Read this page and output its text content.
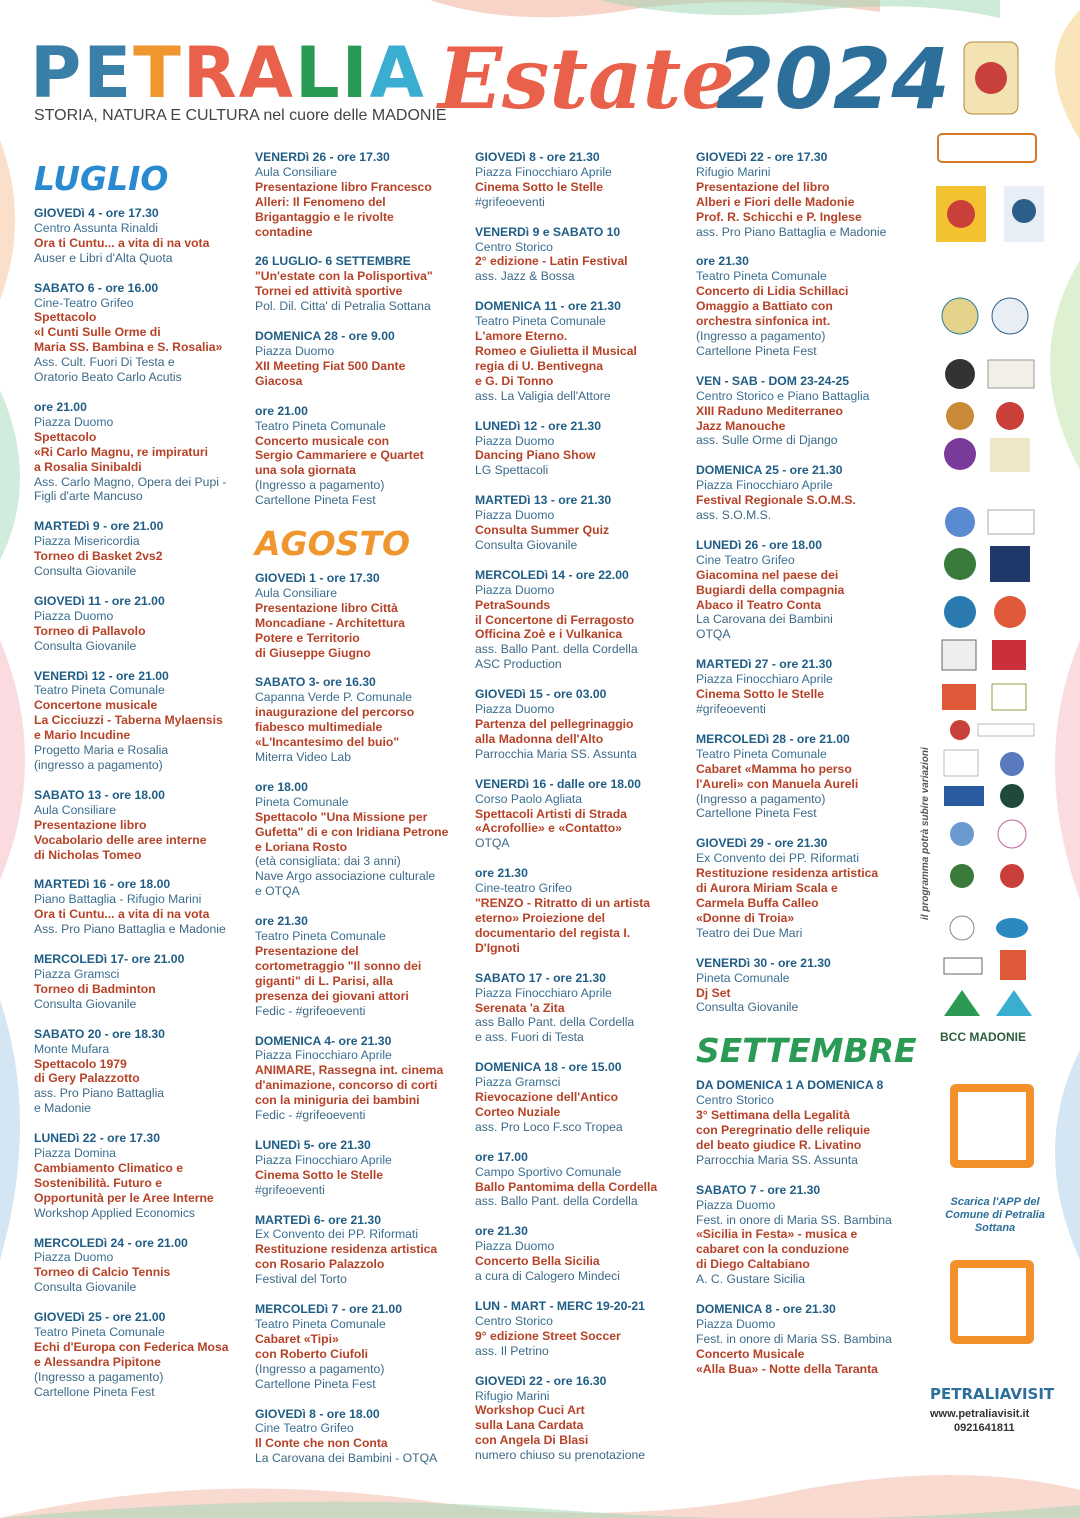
PETRALIA
STORIA, NATURA E CULTURA nel cuore delle MADONIE
Estate
2024
LUGLIO
GIOVEDì 4 - ore 17.30
Centro Assunta Rinaldi
Ora ti Cuntu... a vita di na vota
Auser e Libri d'Alta Quota
SABATO 6 - ore 16.00
Cine-Teatro Grifeo
Spettacolo
«I Cunti Sulle Orme di
Maria SS. Bambina e S. Rosalia»
Ass. Cult. Fuori Di Testa e
Oratorio Beato Carlo Acutis
ore 21.00
Piazza Duomo
Spettacolo
«Ri Carlo Magnu, re impiraturi
a Rosalia Sinibaldi
Ass. Carlo Magno, Opera dei Pupi -
Figli d'arte Mancuso
MARTEDì 9 - ore 21.00
Piazza Misericordia
Torneo di Basket 2vs2
Consulta Giovanile
GIOVEDì 11 - ore 21.00
Piazza Duomo
Torneo di Pallavolo
Consulta Giovanile
VENERDì 12 - ore 21.00
Teatro Pineta Comunale
Concertone musicale
La Cicciuzzi - Taberna Mylaensis
e Mario Incudine
Progetto Maria e Rosalia
(ingresso a pagamento)
SABATO 13 - ore 18.00
Aula Consiliare
Presentazione libro
Vocabolario delle aree interne
di Nicholas Tomeo
MARTEDì 16 - ore 18.00
Piano Battaglia - Rifugio Marini
Ora ti Cuntu... a vita di na vota
Ass. Pro Piano Battaglia e Madonie
MERCOLEDì 17- ore 21.00
Piazza Gramsci
Torneo di Badminton
Consulta Giovanile
SABATO 20 - ore 18.30
Monte Mufara
Spettacolo 1979
di Gery Palazzotto
ass. Pro Piano Battaglia
e Madonie
LUNEDì 22 - ore 17.30
Piazza Domina
Cambiamento Climatico e
Sostenibilità. Futuro e
Opportunità per le Aree Interne
Workshop Applied Economics
MERCOLEDì 24 - ore 21.00
Piazza Duomo
Torneo di Calcio Tennis
Consulta Giovanile
GIOVEDì 25 - ore 21.00
Teatro Pineta Comunale
Echi d'Europa con Federica Mosa
e Alessandra Pipitone
(Ingresso a pagamento)
Cartellone Pineta Fest
VENERDì 26 - ore 17.30
Aula Consiliare
Presentazione libro Francesco
Alleri: Il Fenomeno del
Brigantaggio e le rivolte
contadine
26 LUGLIO- 6 SETTEMBRE
"Un'estate con la Polisportiva"
Tornei ed attività sportive
Pol. Dil. Citta' di Petralia Sottana
DOMENICA 28 - ore 9.00
Piazza Duomo
XII Meeting Fiat 500 Dante
Giacosa
ore 21.00
Teatro Pineta Comunale
Concerto musicale con
Sergio Cammariere e Quartet
una sola giornata
(Ingresso a pagamento)
Cartellone Pineta Fest
AGOSTO
GIOVEDì 1 - ore 17.30
Aula Consiliare
Presentazione libro Città
Moncadiane - Architettura
Potere e Territorio
di Giuseppe Giugno
SABATO 3- ore 16.30
Capanna Verde P. Comunale
inaugurazione del percorso
fiabesco multimediale
«L'Incantesimo del buio"
Miterra Video Lab
ore 18.00
Pineta Comunale
Spettacolo "Una Missione per
Gufetta" di e con Iridiana Petrone
e Loriana Rosto
(età consigliata: dai 3 anni)
Nave Argo associazione culturale
e OTQA
ore 21.30
Teatro Pineta Comunale
Presentazione del
cortometraggio "Il sonno dei
giganti" di L. Parisi, alla
presenza dei giovani attori
Fedic - #grifeoeventi
DOMENICA 4- ore 21.30
Piazza Finocchiaro Aprile
ANIMARE, Rassegna int. cinema
d'animazione, concorso di corti
con la miniguria dei bambini
Fedic - #grifeoeventi
LUNEDì 5- ore 21.30
Piazza Finocchiaro Aprile
Cinema Sotto le Stelle
#grifeoeventi
MARTEDì 6- ore 21.30
Ex Convento dei PP. Riformati
Restituzione residenza artistica
con Rosario Palazzolo
Festival del Torto
MERCOLEDì 7 - ore 21.00
Teatro Pineta Comunale
Cabaret «Tipi»
con Roberto Ciufoli
(Ingresso a pagamento)
Cartellone Pineta Fest
GIOVEDì 8 - ore 18.00
Cine Teatro Grifeo
Il Conte che non Conta
La Carovana dei Bambini - OTQA
GIOVEDì 8 - ore 21.30
Piazza Finocchiaro Aprile
Cinema Sotto le Stelle
#grifeoeventi
VENERDì 9 e SABATO 10
Centro Storico
2° edizione - Latin Festival
ass. Jazz & Bossa
DOMENICA 11 - ore 21.30
Teatro Pineta Comunale
L'amore Eterno.
Romeo e Giulietta il Musical
regia di U. Bentivegna
e G. Di Tonno
ass. La Valigia dell'Attore
LUNEDì 12 - ore 21.30
Piazza Duomo
Dancing Piano Show
LG Spettacoli
MARTEDì 13 - ore 21.30
Piazza Duomo
Consulta Summer Quiz
Consulta Giovanile
MERCOLEDì 14 - ore 22.00
Piazza Duomo
PetraSounds
il Concertone di Ferragosto
Officina Zoè e i Vulkanica
ass. Ballo Pant. della Cordella
ASC Production
GIOVEDì 15 - ore 03.00
Piazza Duomo
Partenza del pellegrinaggio
alla Madonna dell'Alto
Parrocchia Maria SS. Assunta
VENERDì 16 - dalle ore 18.00
Corso Paolo Agliata
Spettacoli Artisti di Strada
«Acrofollie» e «Contatto»
OTQA
ore 21.30
Cine-teatro Grifeo
"RENZO - Ritratto di un artista
eterno» Proiezione del
documentario del regista I.
D'Ignoti
SABATO 17 - ore 21.30
Piazza Finocchiaro Aprile
Serenata 'a Zita
ass Ballo Pant. della Cordella
e ass. Fuori di Testa
DOMENICA 18 - ore 15.00
Piazza Gramsci
Rievocazione dell'Antico
Corteo Nuziale
ass. Pro Loco F.sco Tropea
ore 17.00
Campo Sportivo Comunale
Ballo Pantomima della Cordella
ass. Ballo Pant. della Cordella
ore 21.30
Piazza Duomo
Concerto Bella Sicilia
a cura di Calogero Mindeci
LUN - MART - MERC 19-20-21
Centro Storico
9° edizione Street Soccer
ass. Il Petrino
GIOVEDì 22 - ore 16.30
Rifugio Marini
Workshop Cuci Art
sulla Lana Cardata
con Angela Di Blasi
numero chiuso su prenotazione
GIOVEDì 22 - ore 17.30
Rifugio Marini
Presentazione del libro
Alberi e Fiori delle Madonie
Prof. R. Schicchi e P. Inglese
ass. Pro Piano Battaglia e Madonie
ore 21.30
Teatro Pineta Comunale
Concerto di Lidia Schillaci
Omaggio a Battiato con
orchestra sinfonica int.
(Ingresso a pagamento)
Cartellone Pineta Fest
VEN - SAB - DOM 23-24-25
Centro Storico e Piano Battaglia
XIII Raduno Mediterraneo
Jazz Manouche
ass. Sulle Orme di Django
DOMENICA 25 - ore 21.30
Piazza Finocchiaro Aprile
Festival Regionale S.O.M.S.
ass. S.O.M.S.
LUNEDì 26 - ore 18.00
Cine Teatro Grifeo
Giacomina nel paese dei
Bugiardi della compagnia
Abaco il Teatro Conta
La Carovana dei Bambini
OTQA
MARTEDì 27 - ore 21.30
Piazza Finocchiaro Aprile
Cinema Sotto le Stelle
#grifeoeventi
MERCOLEDì 28 - ore 21.00
Teatro Pineta Comunale
Cabaret «Mamma ho perso
l'Aureli» con Manuela Aureli
(Ingresso a pagamento)
Cartellone Pineta Fest
GIOVEDì 29 - ore 21.30
Ex Convento dei PP. Riformati
Restituzione residenza artistica
di Aurora Miriam Scala e
Carmela Buffa Calleo
«Donne di Troia»
Teatro dei Due Mari
VENERDì 30 - ore 21.30
Pineta Comunale
Dj Set
Consulta Giovanile
SETTEMBRE
DA DOMENICA 1 A DOMENICA 8
Centro Storico
3° Settimana della Legalità
con Peregrinatio delle reliquie
del beato giudice R. Livatino
Parrocchia Maria SS. Assunta
SABATO 7 - ore 21.30
Piazza Duomo
Fest. in onore di Maria SS. Bambina
«Sicilia in Festa» - musica e
cabaret con la conduzione
di Diego Caltabiano
A. C. Gustare Sicilia
DOMENICA 8 - ore 21.30
Piazza Duomo
Fest. in onore di Maria SS. Bambina
Concerto Musicale
«Alla Bua» - Notte della Taranta
BCC MADONIE
il programma potrà subire variazioni
Scarica l'APP del Comune di Petralia Sottana
PETRALIAVISIT
www.petraliavisit.it
0921641811
